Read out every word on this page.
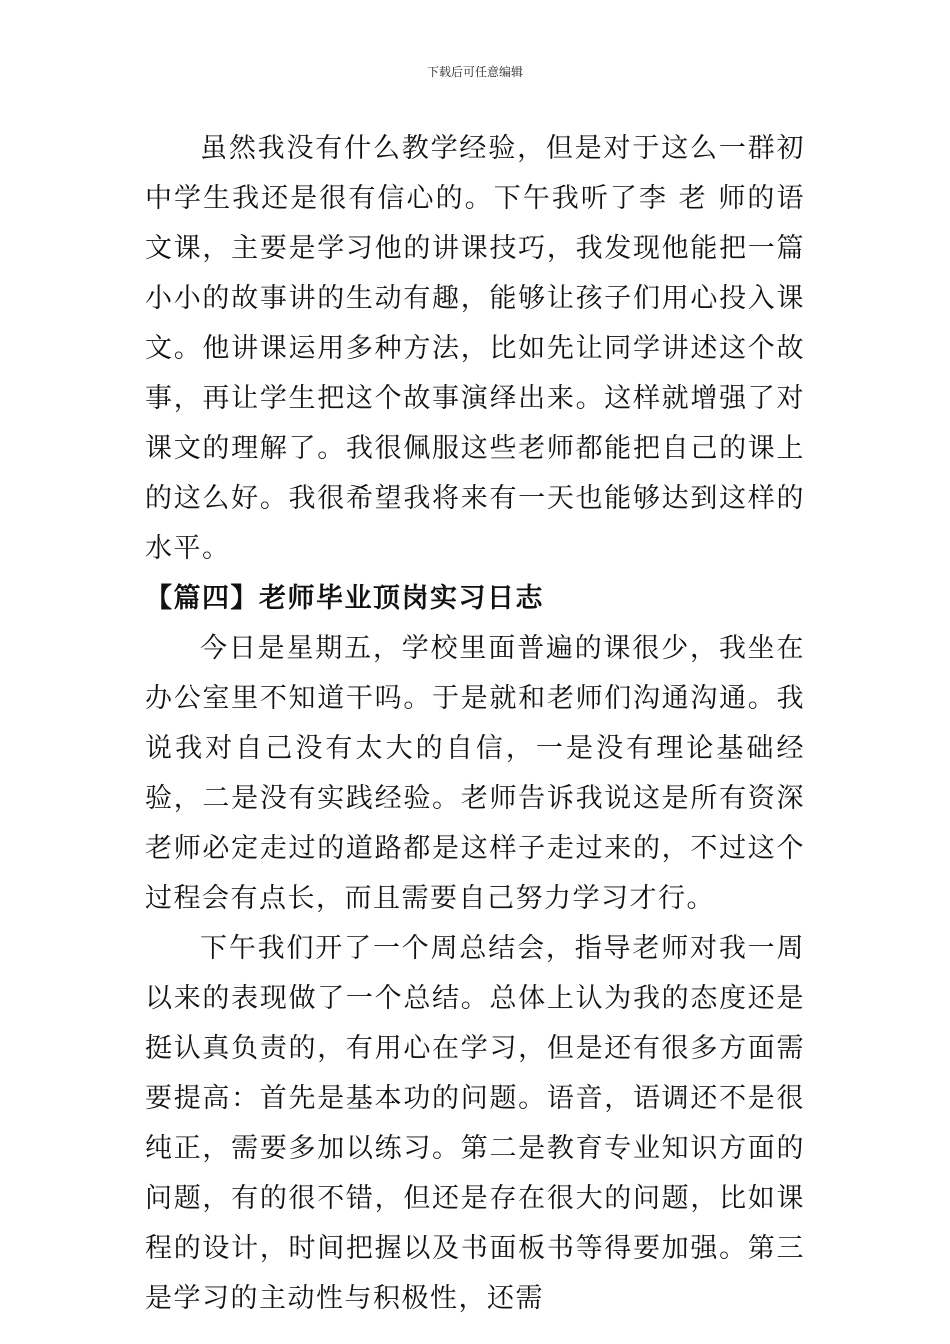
下载后可任意编辑

虽然我没有什么教学经验，但是对于这么一群初中学生我还是很有信心的。下午我听了李 老 师的语文课，主要是学习他的讲课技巧，我发现他能把一篇小小的故事讲的生动有趣，能够让孩子们用心投入课文。他讲课运用多种方法，比如先让同学讲述这个故事，再让学生把这个故事演绎出来。这样就增强了对课文的理解了。我很佩服这些老师都能把自己的课上的这么好。我很希望我将来有一天也能够达到这样的水平。

【篇四】老师毕业顶岗实习日志

今日是星期五，学校里面普遍的课很少，我坐在办公室里不知道干吗。于是就和老师们沟通沟通。我说我对自己没有太大的自信，一是没有理论基础经验，二是没有实践经验。老师告诉我说这是所有资深老师必定走过的道路都是这样子走过来的，不过这个过程会有点长，而且需要自己努力学习才行。

下午我们开了一个周总结会，指导老师对我一周以来的表现做了一个总结。总体上认为我的态度还是挺认真负责的，有用心在学习，但是还有很多方面需要提高：首先是基本功的问题。语音，语调还不是很纯正，需要多加以练习。第二是教育专业知识方面的问题，有的很不错，但还是存在很大的问题，比如课程的设计，时间把握以及书面板书等得要加强。第三是学习的主动性与积极性，还需
